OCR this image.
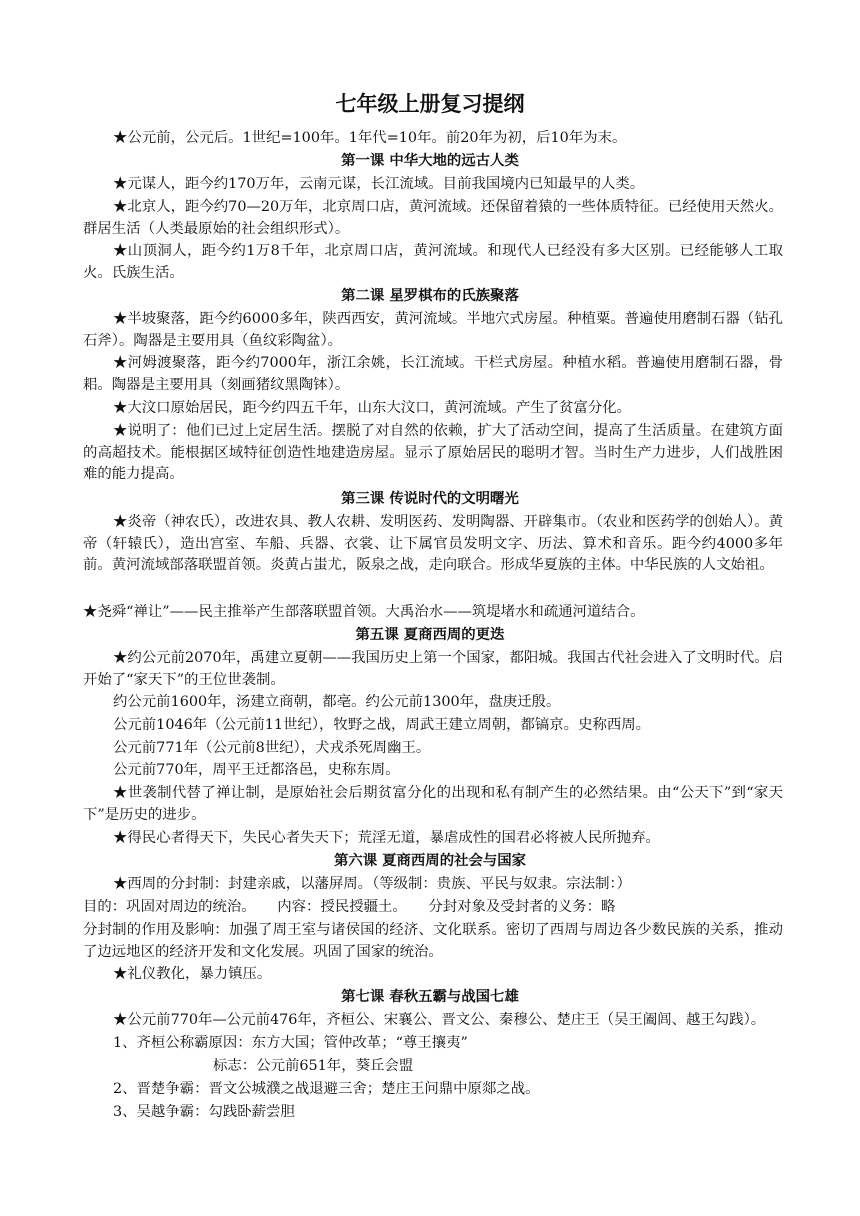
七年级上册复习提纲
★公元前，公元后。1世纪=100年。1年代=10年。前20年为初，后10年为末。
第一课 中华大地的远古人类
★元谋人，距今约170万年，云南元谋，长江流域。目前我国境内已知最早的人类。
★北京人，距今约70—20万年，北京周口店，黄河流域。还保留着猿的一些体质特征。已经使用天然火。群居生活（人类最原始的社会组织形式）。
★山顶洞人，距今约1万8千年，北京周口店，黄河流域。和现代人已经没有多大区别。已经能够人工取火。氏族生活。
第二课 星罗棋布的氏族聚落
★半坡聚落，距今约6000多年，陕西西安，黄河流域。半地穴式房屋。种植粟。普遍使用磨制石器（钻孔石斧）。陶器是主要用具（鱼纹彩陶盆）。
★河姆渡聚落，距今约7000年，浙江余姚，长江流域。干栏式房屋。种植水稻。普遍使用磨制石器，骨耜。陶器是主要用具（刻画猪纹黑陶钵）。
★大汶口原始居民，距今约四五千年，山东大汶口，黄河流域。产生了贫富分化。
★说明了：他们已过上定居生活。摆脱了对自然的依赖，扩大了活动空间，提高了生活质量。在建筑方面的高超技术。能根据区域特征创造性地建造房屋。显示了原始居民的聪明才智。当时生产力进步，人们战胜困难的能力提高。
第三课 传说时代的文明曙光
★炎帝（神农氏），改进农具、教人农耕、发明医药、发明陶器、开辟集市。（农业和医药学的创始人）。黄帝（轩辕氏），造出宫室、车船、兵器、衣裳、让下属官员发明文字、历法、算术和音乐。距今约4000多年前。黄河流域部落联盟首领。炎黄占蚩尤，阪泉之战，走向联合。形成华夏族的主体。中华民族的人文始祖。
★尧舜“禅让”——民主推举产生部落联盟首领。大禹治水——筑堤堵水和疏通河道结合。
第五课 夏商西周的更迭
★约公元前2070年，禹建立夏朝——我国历史上第一个国家，都阳城。我国古代社会进入了文明时代。启开始了“家天下”的王位世袭制。
约公元前1600年，汤建立商朝，都亳。约公元前1300年，盘庚迁殷。
公元前1046年（公元前11世纪），牧野之战，周武王建立周朝，都镐京。史称西周。
公元前771年（公元前8世纪），犬戎杀死周幽王。
公元前770年，周平王迁都洛邑，史称东周。
★世袭制代替了禅让制，是原始社会后期贫富分化的出现和私有制产生的必然结果。由“公天下”到“家天下”是历史的进步。
★得民心者得天下，失民心者失天下；荒淫无道，暴虐成性的国君必将被人民所抛弃。
第六课 夏商西周的社会与国家
★西周的分封制：封建亲戚，以藩屏周。（等级制：贵族、平民与奴隶。宗法制：）
目的：巩固对周边的统治。　　内容：授民授疆土。　　分封对象及受封者的义务：略
分封制的作用及影响：加强了周王室与诸侯国的经济、文化联系。密切了西周与周边各少数民族的关系，推动了边远地区的经济开发和文化发展。巩固了国家的统治。
★礼仪教化，暴力镇压。
第七课 春秋五霸与战国七雄
★公元前770年—公元前476年，齐桓公、宋襄公、晋文公、秦穆公、楚庄王（吴王阖闾、越王勾践）。
1、齐桓公称霸原因：东方大国；管仲改革；“尊王攘夷”
标志：公元前651年，葵丘会盟
2、晋楚争霸：晋文公城濮之战退避三舍；楚庄王问鼎中原郯之战。
3、吴越争霸：勾践卧薪尝胆
